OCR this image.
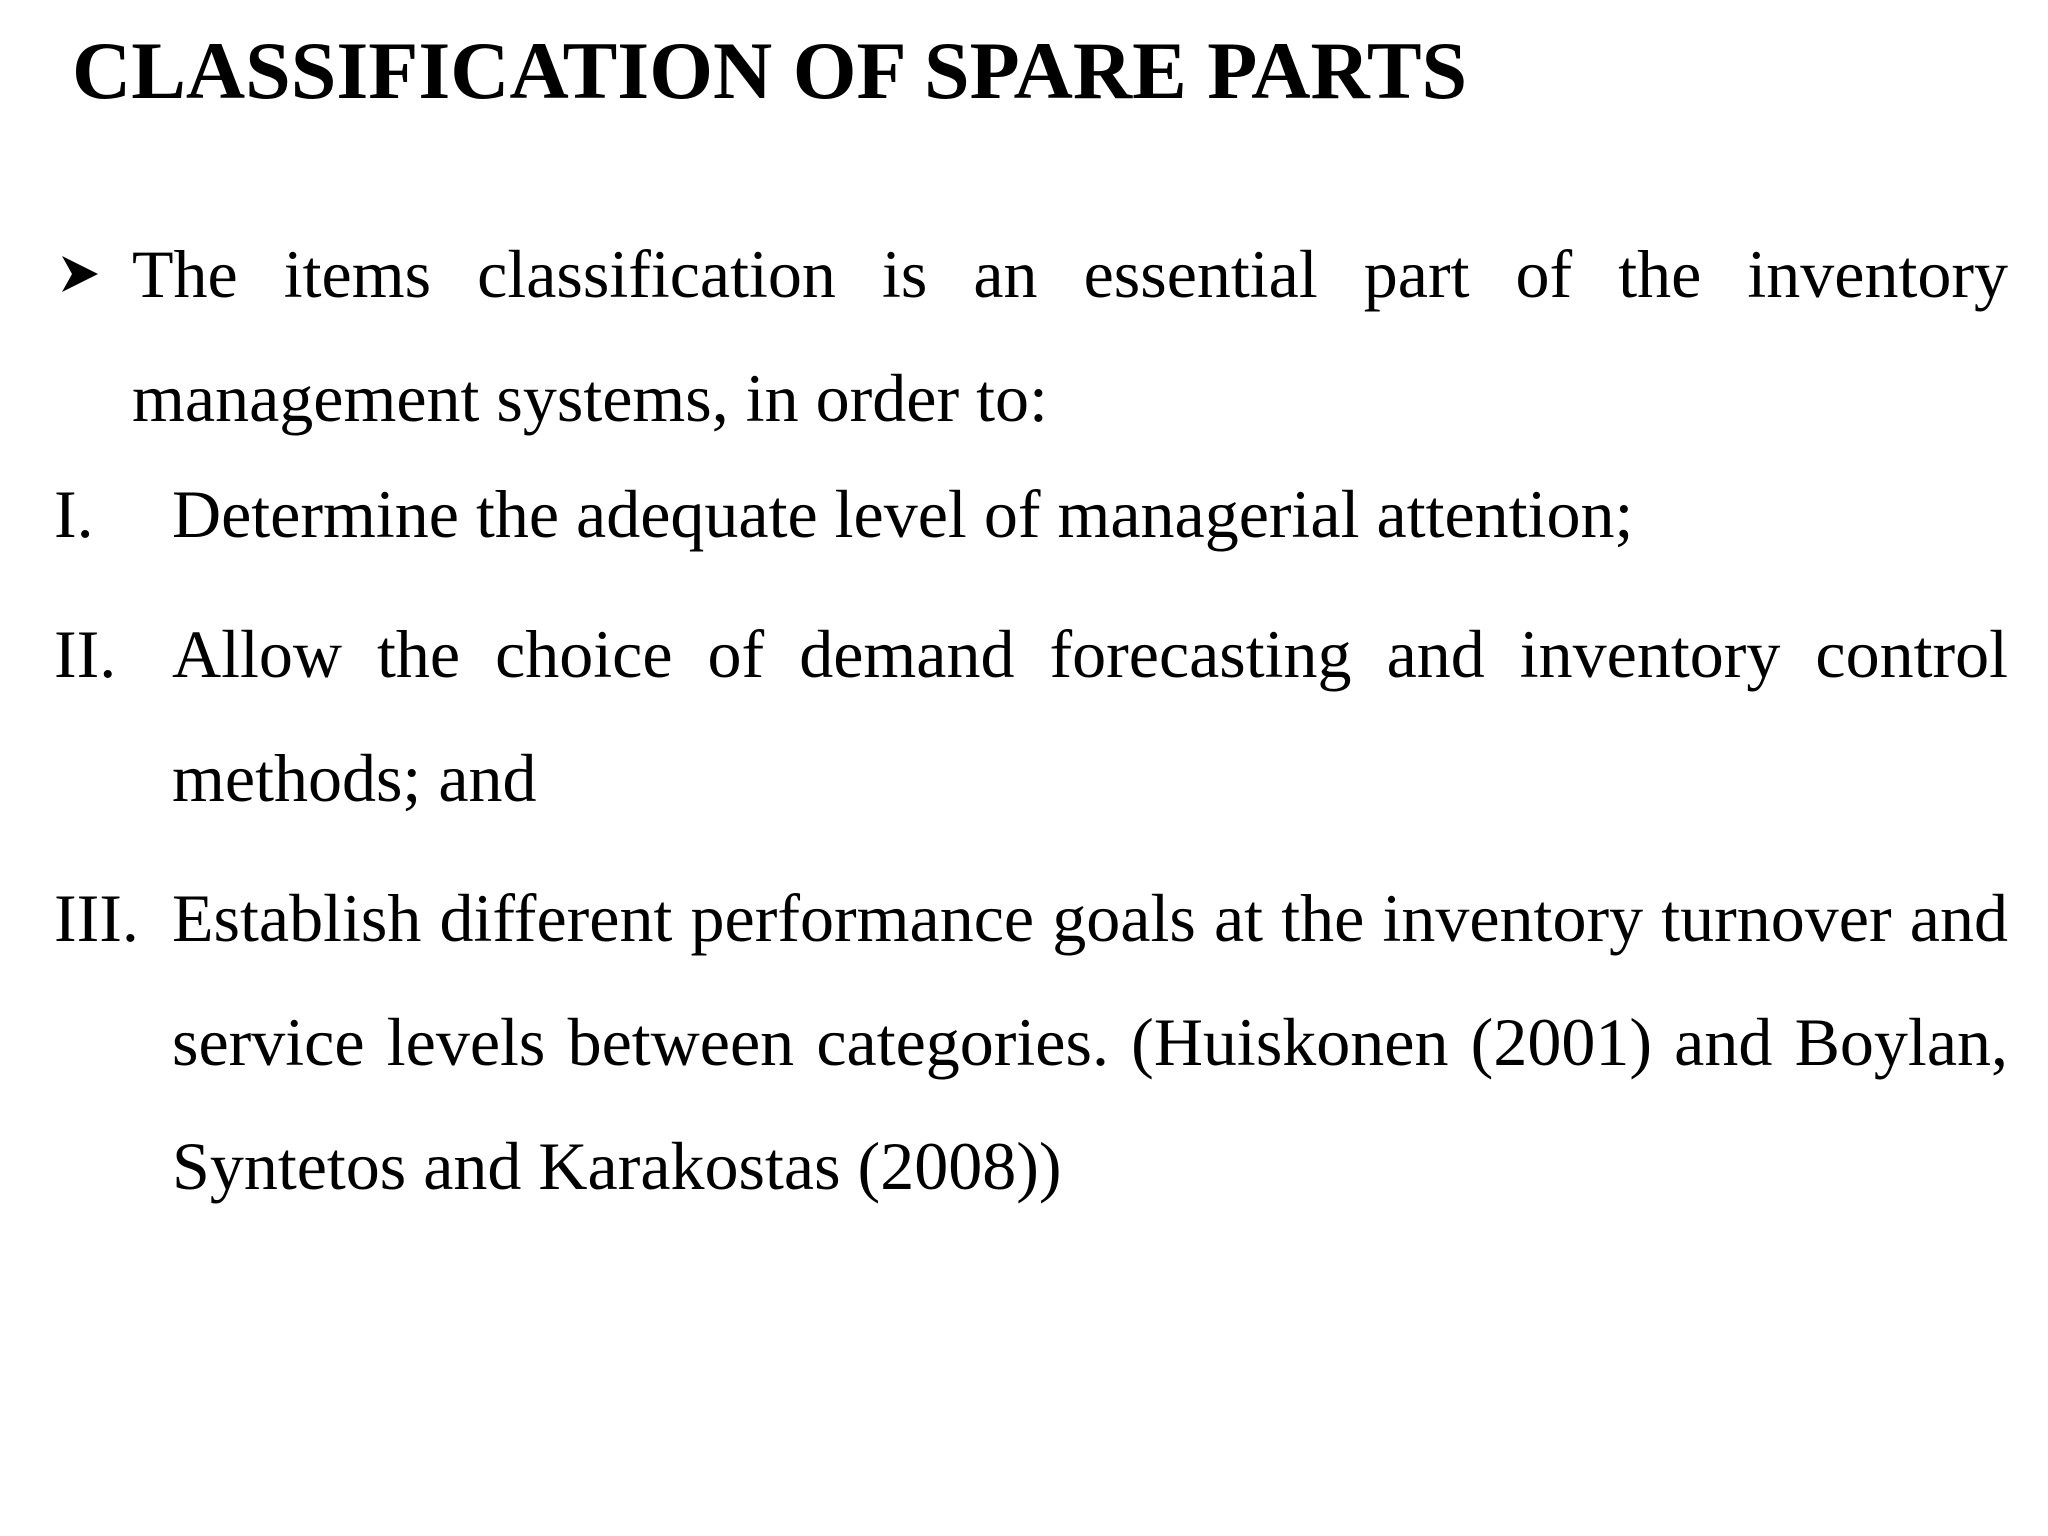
CLASSIFICATION OF SPARE PARTS
The items classification is an essential part of the inventory management systems, in order to:
I.	Determine the adequate level of managerial attention;
II. Allow the choice of demand forecasting and inventory control methods; and
III. Establish different performance goals at the inventory turnover and service levels between categories. (Huiskonen (2001) and Boylan, Syntetos and Karakostas (2008))
